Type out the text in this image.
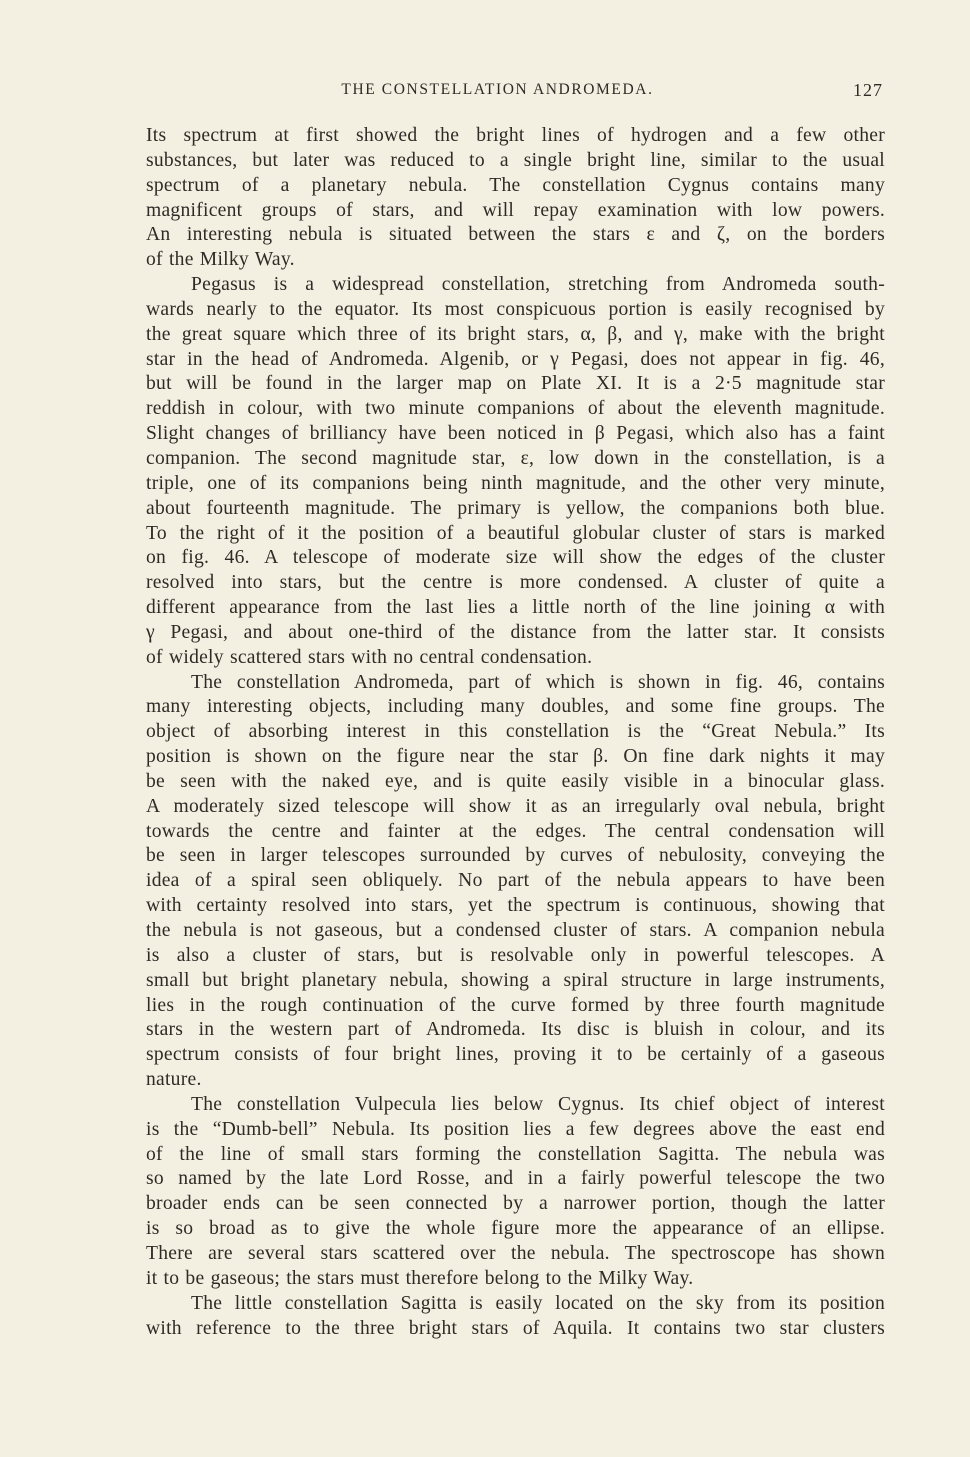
THE CONSTELLATION ANDROMEDA.	127
Its spectrum at first showed the bright lines of hydrogen and a few other
substances, but later was reduced to a single bright line, similar to the usual
spectrum of a planetary nebula. The constellation Cygnus contains many
magnificent groups of stars, and will repay examination with low powers.
An interesting nebula is situated between the stars ε and ζ, on the borders
of the Milky Way.
Pegasus is a widespread constellation, stretching from Andromeda south-
wards nearly to the equator. Its most conspicuous portion is easily recognised by
the great square which three of its bright stars, α, β, and γ, make with the bright
star in the head of Andromeda. Algenib, or γ Pegasi, does not appear in fig. 46,
but will be found in the larger map on Plate XI. It is a 2·5 magnitude star
reddish in colour, with two minute companions of about the eleventh magnitude.
Slight changes of brilliancy have been noticed in β Pegasi, which also has a faint
companion. The second magnitude star, ε, low down in the constellation, is a
triple, one of its companions being ninth magnitude, and the other very minute,
about fourteenth magnitude. The primary is yellow, the companions both blue.
To the right of it the position of a beautiful globular cluster of stars is marked
on fig. 46. A telescope of moderate size will show the edges of the cluster
resolved into stars, but the centre is more condensed. A cluster of quite a
different appearance from the last lies a little north of the line joining α with
γ Pegasi, and about one-third of the distance from the latter star. It consists
of widely scattered stars with no central condensation.
The constellation Andromeda, part of which is shown in fig. 46, contains
many interesting objects, including many doubles, and some fine groups. The
object of absorbing interest in this constellation is the “Great Nebula.” Its
position is shown on the figure near the star β. On fine dark nights it may
be seen with the naked eye, and is quite easily visible in a binocular glass.
A moderately sized telescope will show it as an irregularly oval nebula, bright
towards the centre and fainter at the edges. The central condensation will
be seen in larger telescopes surrounded by curves of nebulosity, conveying the
idea of a spiral seen obliquely. No part of the nebula appears to have been
with certainty resolved into stars, yet the spectrum is continuous, showing that
the nebula is not gaseous, but a condensed cluster of stars. A companion nebula
is also a cluster of stars, but is resolvable only in powerful telescopes. A
small but bright planetary nebula, showing a spiral structure in large instruments,
lies in the rough continuation of the curve formed by three fourth magnitude
stars in the western part of Andromeda. Its disc is bluish in colour, and its
spectrum consists of four bright lines, proving it to be certainly of a gaseous
nature.
The constellation Vulpecula lies below Cygnus. Its chief object of interest
is the “Dumb-bell” Nebula. Its position lies a few degrees above the east end
of the line of small stars forming the constellation Sagitta. The nebula was
so named by the late Lord Rosse, and in a fairly powerful telescope the two
broader ends can be seen connected by a narrower portion, though the latter
is so broad as to give the whole figure more the appearance of an ellipse.
There are several stars scattered over the nebula. The spectroscope has shown
it to be gaseous; the stars must therefore belong to the Milky Way.
The little constellation Sagitta is easily located on the sky from its position
with reference to the three bright stars of Aquila. It contains two star clusters
